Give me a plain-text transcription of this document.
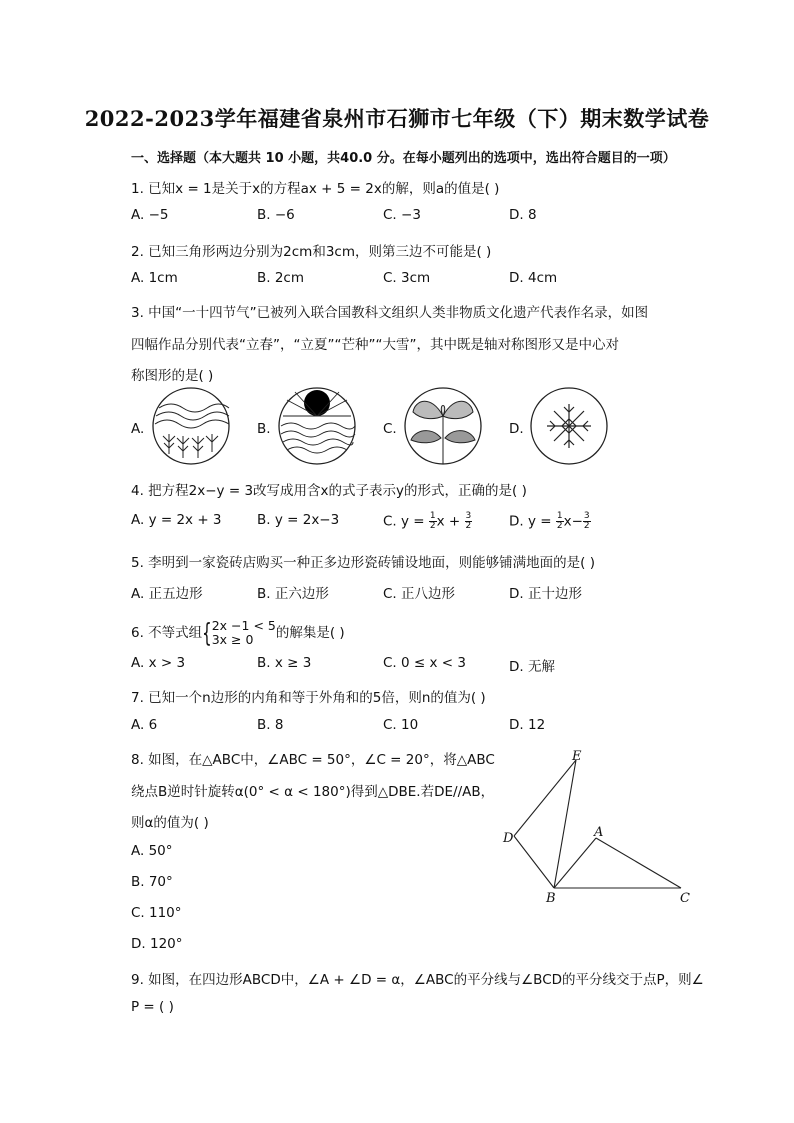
2022-2023学年福建省泉州市石狮市七年级（下）期末数学试卷
一、选择题（本大题共 10 小题，共40.0 分。在每小题列出的选项中，选出符合题目的一项）
1. 已知x = 1是关于x的方程ax + 5 = 2x的解，则a的值是( )
A. −5	B. −6	C. −3	D. 8
2. 已知三角形两边分别为2cm和3cm，则第三边不可能是( )
A. 1cm	B. 2cm	C. 3cm	D. 4cm
3. 中国“一十四节气”已被列入联合国教科文组织人类非物质文化遗产代表作名录，如图
四幅作品分别代表“立春”，“立夏”“芒种”“大雪”，其中既是轴对称图形又是中心对
称图形的是( )
A.	B.	C.	D.
4. 把方程2x−y = 3改写成用含x的式子表示y的形式，正确的是( )
A. y = 2x + 3	B. y = 2x−3	C. $y = \frac{1}{2}x + \frac{3}{2}$	D. $y = \frac{1}{2}x-\frac{3}{2}$
5. 李明到一家瓷砖店购买一种正多边形瓷砖铺设地面，则能够铺满地面的是( )
A. 正五边形	B. 正六边形	C. 正八边形	D. 正十边形
6. 不等式组{2x −1 < 5
3x ≥ 0 的解集是( )
A. x > 3	B. x ≥ 3	C. 0 ≤ x < 3	D. 无解
7. 已知一个n边形的内角和等于外角和的5倍，则n的值为( )
A. 6	B. 8	C. 10	D. 12
8. 如图，在△ABC中，∠ABC = 50°，∠C = 20°，将△ABC
绕点B逆时针旋转α(0° < α < 180°)得到△DBE.若DE//AB，
则α的值为( )
A. 50°
B. 70°
C. 110°
D. 120°
E
D	A
B	C
9. 如图，在四边形ABCD中，∠A + ∠D = α，∠ABC的平分线与∠BCD的平分线交于点P，则∠
P = ( )
